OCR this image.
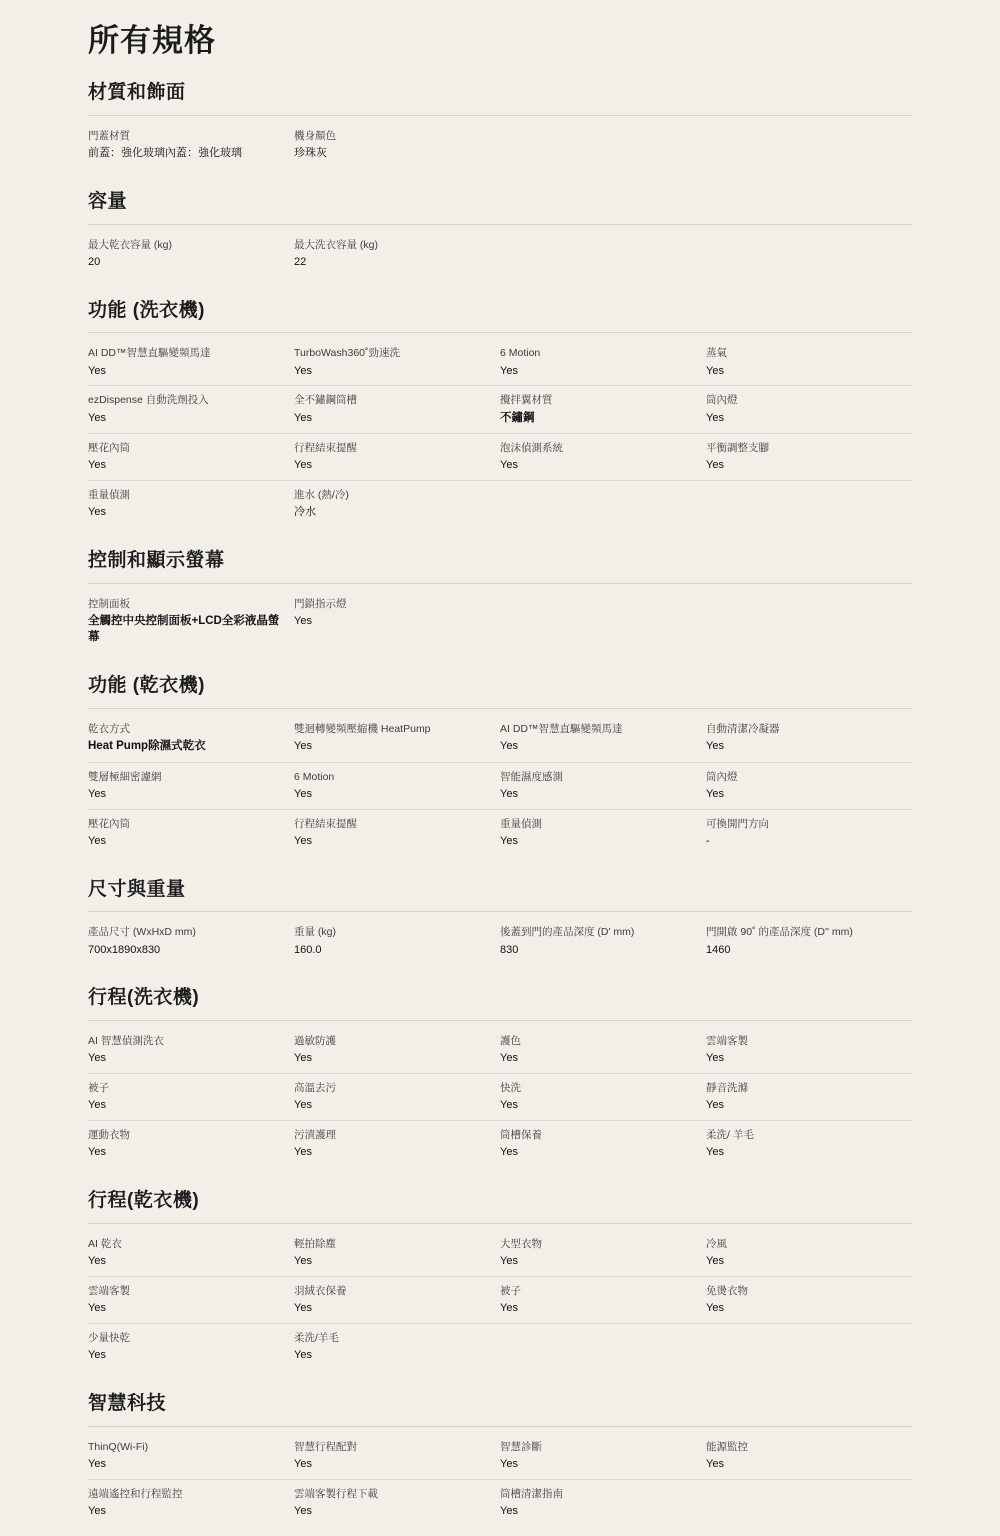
所有規格
材質和飾面
門蓋材質
前蓋：強化玻璃內蓋：強化玻璃
機身顏色
珍珠灰
容量
最大乾衣容量 (kg)
20
最大洗衣容量 (kg)
22
功能 (洗衣機)
AI DD™智慧直驅變頻馬達
Yes
TurboWash360˚勁速洗
Yes
6 Motion
Yes
蒸氣
Yes
ezDispense 自動洗劑投入
Yes
全不鏽鋼筒槽
Yes
攪拌翼材質
不鏽鋼
筒內燈
Yes
壓花內筒
Yes
行程結束提醒
Yes
泡沫偵測系統
Yes
平衡調整支腳
Yes
重量偵測
Yes
進水 (熱/冷)
冷水
控制和顯示螢幕
控制面板
全觸控中央控制面板+LCD全彩液晶螢幕
門鎖指示燈
Yes
功能 (乾衣機)
乾衣方式
Heat Pump除濕式乾衣
雙迴轉變頻壓縮機 HeatPump
Yes
AI DD™智慧直驅變頻馬達
Yes
自動清潔冷凝器
Yes
雙層極細密濾網
Yes
6 Motion
Yes
智能濕度感測
Yes
筒內燈
Yes
壓花內筒
Yes
行程結束提醒
Yes
重量偵測
Yes
可換開門方向
-
尺寸與重量
產品尺寸 (WxHxD mm)
700x1890x830
重量 (kg)
160.0
後蓋到門的產品深度 (D' mm)
830
門開啟 90˚ 的產品深度 (D'' mm)
1460
行程(洗衣機)
AI 智慧偵測洗衣
Yes
過敏防護
Yes
護色
Yes
雲端客製
Yes
被子
Yes
高溫去污
Yes
快洗
Yes
靜音洗滌
Yes
運動衣物
Yes
污漬護理
Yes
筒槽保養
Yes
柔洗/ 羊毛
Yes
行程(乾衣機)
AI 乾衣
Yes
輕拍除塵
Yes
大型衣物
Yes
冷風
Yes
雲端客製
Yes
羽絨衣保養
Yes
被子
Yes
免燙衣物
Yes
少量快乾
Yes
柔洗/羊毛
Yes
智慧科技
ThinQ(Wi-Fi)
Yes
智慧行程配對
Yes
智慧診斷
Yes
能源監控
Yes
遠端遙控和行程監控
Yes
雲端客製行程下載
Yes
筒槽清潔指南
Yes
